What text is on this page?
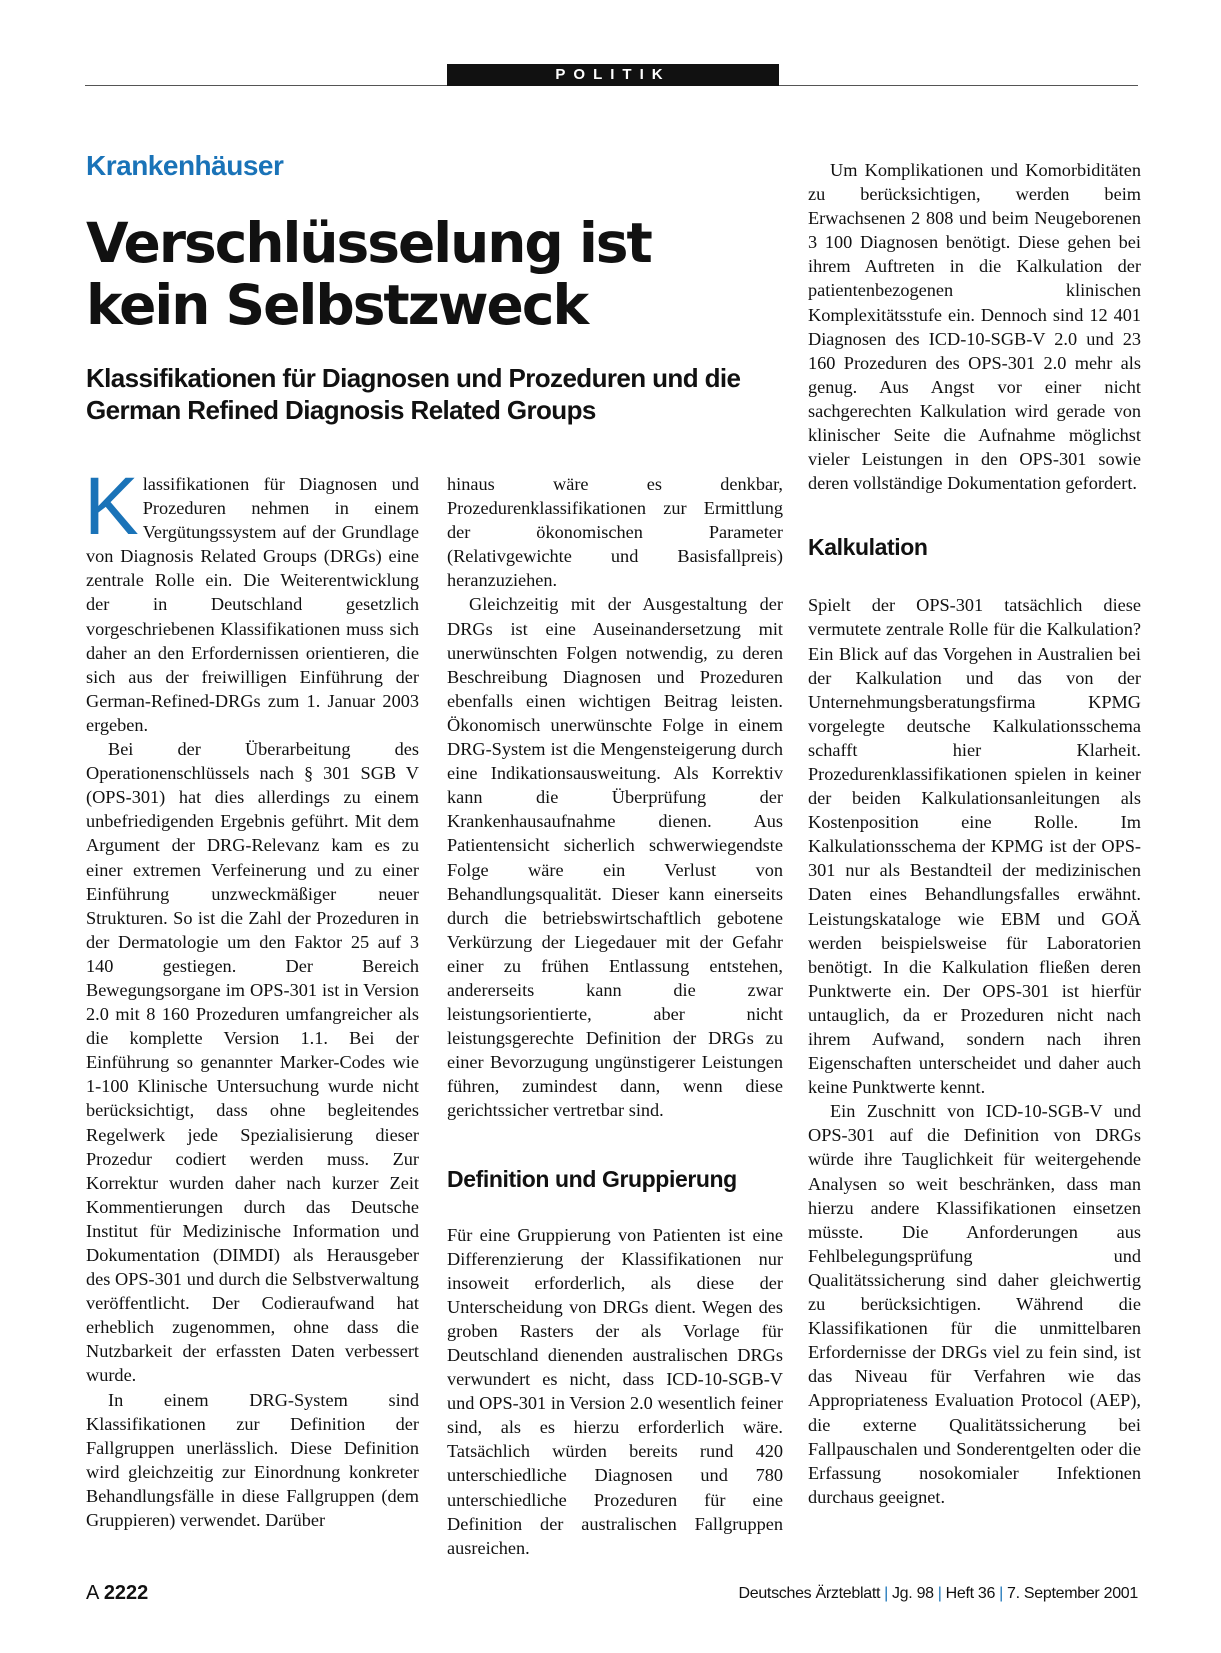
POLITIK
Krankenhäuser
Verschlüsselung ist kein Selbstzweck
Klassifikationen für Diagnosen und Prozeduren und die German Refined Diagnosis Related Groups

Klassifikationen für Diagnosen und Prozeduren nehmen in einem Vergütungssystem auf der Grundlage von Diagnosis Related Groups (DRGs) eine zentrale Rolle ein. Die Weiterentwicklung der in Deutschland gesetzlich vorgeschriebenen Klassifikationen muss sich daher an den Erfordernissen orientieren, die sich aus der freiwilligen Einführung der German-Refined-DRGs zum 1. Januar 2003 ergeben.

Bei der Überarbeitung des Operationenschlüssels nach § 301 SGB V (OPS-301) hat dies allerdings zu einem unbefriedigenden Ergebnis geführt. Mit dem Argument der DRG-Relevanz kam es zu einer extremen Verfeinerung und zu einer Einführung unzweckmäßiger neuer Strukturen. So ist die Zahl der Prozeduren in der Dermatologie um den Faktor 25 auf 3 140 gestiegen. Der Bereich Bewegungsorgane im OPS-301 ist in Version 2.0 mit 8 160 Prozeduren umfangreicher als die komplette Version 1.1. Bei der Einführung so genannter Marker-Codes wie 1-100 Klinische Untersuchung wurde nicht berücksichtigt, dass ohne begleitendes Regelwerk jede Spezialisierung dieser Prozedur codiert werden muss. Zur Korrektur wurden daher nach kurzer Zeit Kommentierungen durch das Deutsche Institut für Medizinische Information und Dokumentation (DIMDI) als Herausgeber des OPS-301 und durch die Selbstverwaltung veröffentlicht. Der Codieraufwand hat erheblich zugenommen, ohne dass die Nutzbarkeit der erfassten Daten verbessert wurde.

In einem DRG-System sind Klassifikationen zur Definition der Fallgruppen unerlässlich. Diese Definition wird gleichzeitig zur Einordnung konkreter Behandlungsfälle in diese Fallgruppen (dem Gruppieren) verwendet. Darüber

hinaus wäre es denkbar, Prozedurenklassifikationen zur Ermittlung der ökonomischen Parameter (Relativgewichte und Basisfallpreis) heranzuziehen.

Gleichzeitig mit der Ausgestaltung der DRGs ist eine Auseinandersetzung mit unerwünschten Folgen notwendig, zu deren Beschreibung Diagnosen und Prozeduren ebenfalls einen wichtigen Beitrag leisten. Ökonomisch unerwünschte Folge in einem DRG-System ist die Mengensteigerung durch eine Indikationsausweitung. Als Korrektiv kann die Überprüfung der Krankenhausaufnahme dienen. Aus Patientensicht sicherlich schwerwiegendste Folge wäre ein Verlust von Behandlungsqualität. Dieser kann einerseits durch die betriebswirtschaftlich gebotene Verkürzung der Liegedauer mit der Gefahr einer zu frühen Entlassung entstehen, andererseits kann die zwar leistungsorientierte, aber nicht leistungsgerechte Definition der DRGs zu einer Bevorzugung ungünstigerer Leistungen führen, zumindest dann, wenn diese gerichtssicher vertretbar sind.

Definition und Gruppierung

Für eine Gruppierung von Patienten ist eine Differenzierung der Klassifikationen nur insoweit erforderlich, als diese der Unterscheidung von DRGs dient. Wegen des groben Rasters der als Vorlage für Deutschland dienenden australischen DRGs verwundert es nicht, dass ICD-10-SGB-V und OPS-301 in Version 2.0 wesentlich feiner sind, als es hierzu erforderlich wäre. Tatsächlich würden bereits rund 420 unterschiedliche Diagnosen und 780 unterschiedliche Prozeduren für eine Definition der australischen Fallgruppen ausreichen.

Um Komplikationen und Komorbiditäten zu berücksichtigen, werden beim Erwachsenen 2 808 und beim Neugeborenen 3 100 Diagnosen benötigt. Diese gehen bei ihrem Auftreten in die Kalkulation der patientenbezogenen klinischen Komplexitätsstufe ein. Dennoch sind 12 401 Diagnosen des ICD-10-SGB-V 2.0 und 23 160 Prozeduren des OPS-301 2.0 mehr als genug. Aus Angst vor einer nicht sachgerechten Kalkulation wird gerade von klinischer Seite die Aufnahme möglichst vieler Leistungen in den OPS-301 sowie deren vollständige Dokumentation gefordert.

Kalkulation

Spielt der OPS-301 tatsächlich diese vermutete zentrale Rolle für die Kalkulation? Ein Blick auf das Vorgehen in Australien bei der Kalkulation und das von der Unternehmungsberatungsfirma KPMG vorgelegte deutsche Kalkulationsschema schafft hier Klarheit. Prozedurenklassifikationen spielen in keiner der beiden Kalkulationsanleitungen als Kostenposition eine Rolle. Im Kalkulationsschema der KPMG ist der OPS-301 nur als Bestandteil der medizinischen Daten eines Behandlungsfalles erwähnt. Leistungskataloge wie EBM und GOÄ werden beispielsweise für Laboratorien benötigt. In die Kalkulation fließen deren Punktwerte ein. Der OPS-301 ist hierfür untauglich, da er Prozeduren nicht nach ihrem Aufwand, sondern nach ihren Eigenschaften unterscheidet und daher auch keine Punktwerte kennt.

Ein Zuschnitt von ICD-10-SGB-V und OPS-301 auf die Definition von DRGs würde ihre Tauglichkeit für weitergehende Analysen so weit beschränken, dass man hierzu andere Klassifikationen einsetzen müsste. Die Anforderungen aus Fehlbelegungsprüfung und Qualitätssicherung sind daher gleichwertig zu berücksichtigen. Während die Klassifikationen für die unmittelbaren Erfordernisse der DRGs viel zu fein sind, ist das Niveau für Verfahren wie das Appropriateness Evaluation Protocol (AEP), die externe Qualitätssicherung bei Fallpauschalen und Sonderentgelten oder die Erfassung nosokomialer Infektionen durchaus geeignet.

A 2222	Deutsches Ärzteblatt | Jg. 98 | Heft 36 | 7. September 2001
